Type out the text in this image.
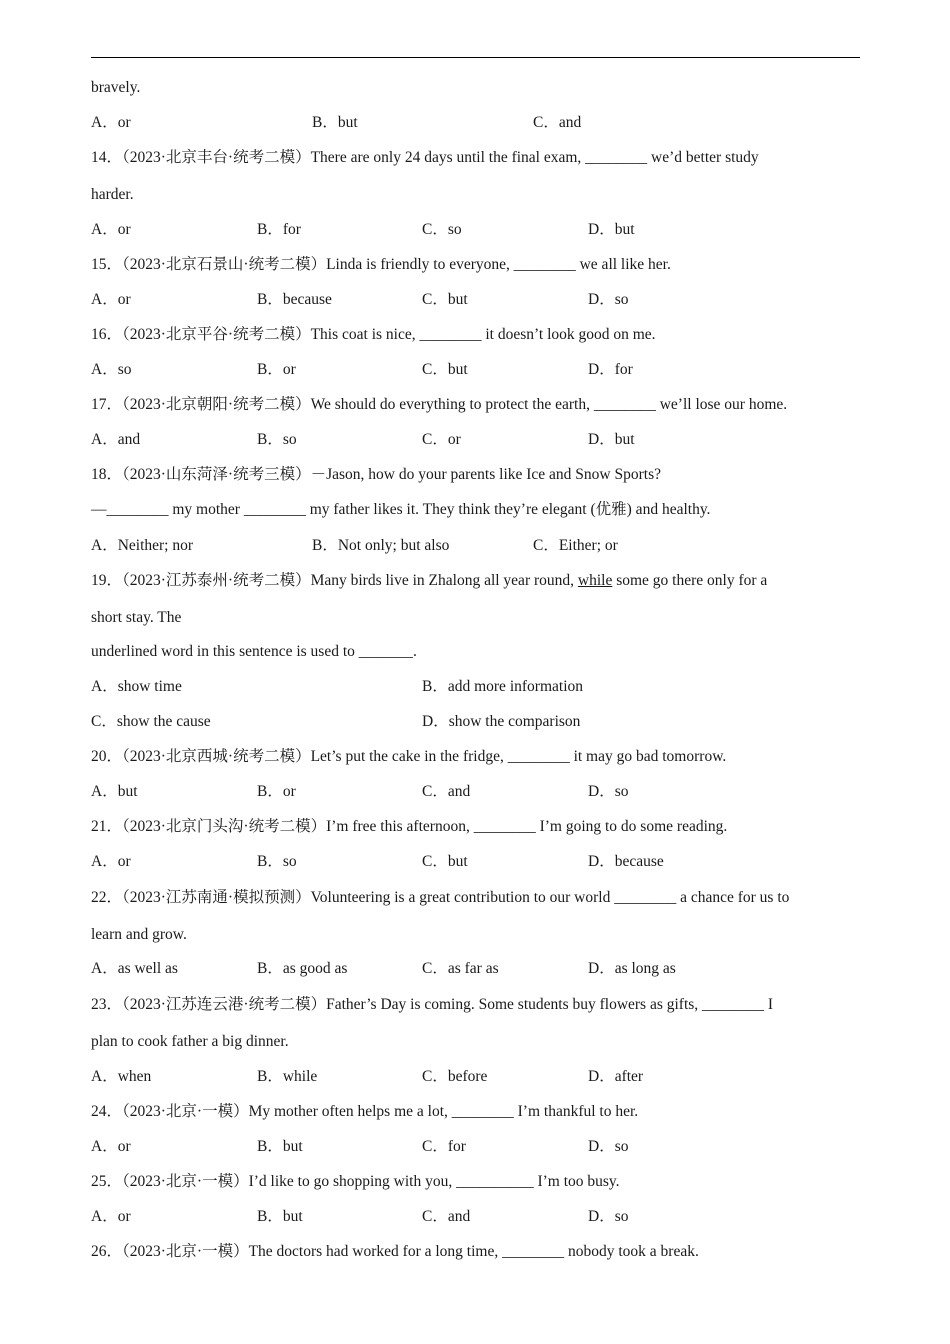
bravely.
14．（2023·北京丰台·统考二模）There are only 24 days until the final exam, ________ we’d better study
harder.
15．（2023·北京石景山·统考二模）Linda is friendly to everyone, ________ we all like her.
16．（2023·北京平谷·统考二模）This coat is nice, ________ it doesn’t look good on me.
17．（2023·北京朝阳·统考二模）We should do everything to protect the earth, ________ we’ll lose our home.
18．（2023·山东菏泽·统考三模）－Jason, how do your parents like Ice and Snow Sports?
—________ my mother ________ my father likes it. They think they’re elegant (优雅) and healthy.
19．（2023·江苏泰州·统考二模）Many birds live in Zhalong all year round, while some go there only for a
short stay. The
underlined word in this sentence is used to _______.
20．（2023·北京西城·统考二模）Let’s put the cake in the fridge, ________ it may go bad tomorrow.
21．（2023·北京门头沟·统考二模）I’m free this afternoon, ________ I’m going to do some reading.
22．（2023·江苏南通·模拟预测）Volunteering is a great contribution to our world ________ a chance for us to
learn and grow.
23．（2023·江苏连云港·统考二模）Father’s Day is coming. Some students buy flowers as gifts, ________ I
plan to cook father a big dinner.
24．（2023·北京·一模）My mother often helps me a lot, ________ I’m thankful to her.
25．（2023·北京·一模）I’d like to go shopping with you, __________ I’m too busy.
26．（2023·北京·一模）The doctors had worked for a long time, ________ nobody took a break.
A．or	B．but	C．and
A．or	B．for	C．so	D．but
A．or	B．because	C．but	D．so
A．so	B．or	C．but	D．for
A．and	B．so	C．or	D．but
A．Neither; nor	B．Not only; but also	C．Either; or
A．show time	B．add more information
C．show the cause	D．show the comparison
A．but	B．or	C．and	D．so
A．or	B．so	C．but	D．because
A．as well as	B．as good as	C．as far as	D．as long as
A．when	B．while	C．before	D．after
A．or	B．but	C．for	D．so
A．or	B．but	C．and	D．so
